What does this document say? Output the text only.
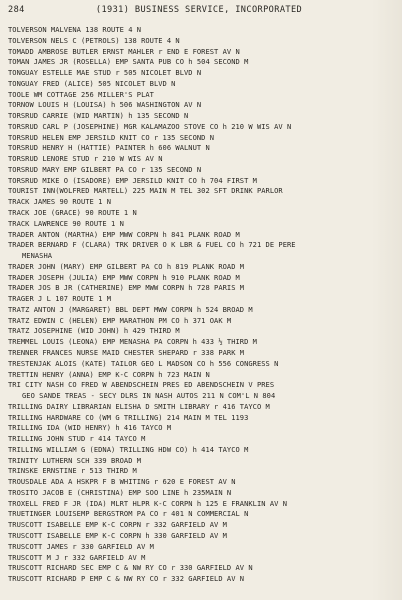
284	(1931) BUSINESS SERVICE, INCORPORATED
TOLVERSON MALVENA 138 ROUTE 4 N
TOLVERSON NELS C (PETROLS) 138 ROUTE 4 N
TOMADD AMBROSE BUTLER ERNST MAHLER r END E FOREST AV N
TOMAN JAMES JR (ROSELLA) EMP SANTA PUB CO h 504 SECOND M
TONGUAY ESTELLE MAE STUD r 505 NICOLET BLVD N
TONGUAY FRED (ALICE) 505 NICOLET BLVD N
TOOLE WM COTTAGE 256 MILLER'S PLAT
TORNOW LOUIS H (LOUISA) h 506 WASHINGTON AV N
TORSRUD CARRIE (WID MARTIN) h 135 SECOND N
TORSRUD CARL P (JOSEPHINE) MGR KALAMAZOO STOVE CO h 210 W WIS AV N
TORSRUD HELEN EMP JERSILD KNIT CO r 135 SECOND N
TORSRUD HENRY H (HATTIE) PAINTER h 606 WALNUT N
TORSRUD LENORE STUD r 210 W WIS AV N
TORSRUD MARY EMP GILBERT PA CO r 135 SECOND N
TORSRUD MIKE O (ISADORE) EMP JERSILD KNIT CO h 704 FIRST M
TOURIST INN(WOLFRED MARTELL) 225 MAIN M TEL 302 SFT DRINK PARLOR
TRACK JAMES 90 ROUTE 1 N
TRACK JOE (GRACE) 90 ROUTE 1 N
TRACK LAWRENCE 90 ROUTE 1 N
TRADER ANTON (MARTHA) EMP MWW CORPN h 841 PLANK ROAD M
TRADER BERNARD F (CLARA) TRK DRIVER O K LBR & FUEL CO h 721 DE PERE
MENASHA
TRADER JOHN (MARY) EMP GILBERT PA CO h 819 PLANK ROAD M
TRADER JOSEPH (JULIA) EMP MWW CORPN h 910 PLANK ROAD M
TRADER JOS B JR (CATHERINE) EMP MWW CORPN h 728 PARIS M
TRAGER J L 107 ROUTE 1 M
TRATZ ANTON J (MARGARET) BBL DEPT MWW CORPN h 524 BROAD M
TRATZ EDWIN C (HELEN) EMP MARATHON PM CO h 371 OAK M
TRATZ JOSEPHINE (WID JOHN) h 429 THIRD M
TREMMEL LOUIS (LEONA) EMP MENASHA PA CORPN h 433 ½ THIRD M
TRENNER FRANCES NURSE MAID CHESTER SHEPARD r 338 PARK M
TRESTENJAK ALOIS (KATE) TAILOR GEO L MADSON CO h 556 CONGRESS N
TRETTIN HENRY (ANNA) EMP K-C CORPN h 723 MAIN N
TRI CITY NASH CO FRED W ABENDSCHEIN PRES ED ABENDSCHEIN V PRES
GEO SANDE TREAS - SECY DLRS IN NASH AUTOS 211 N COM'L N 804
TRILLING DAIRY LIBRARIAN ELISHA D SMITH LIBRARY r 416 TAYCO M
TRILLING HARDWARE CO (WM G TRILLING) 214 MAIN M TEL 1193
TRILLING IDA (WID HENRY) h 416 TAYCO M
TRILLING JOHN STUD r 414 TAYCO M
TRILLING WILLIAM G (EDNA) TRILLING HDW CO) h 414 TAYCO M
TRINITY LUTHERN SCH 339 BROAD M
TRINSKE ERNSTINE r 513 THIRD M
TROUSDALE ADA A HSKPR F B WHITING r 620 E FOREST AV N
TROSITO JACOB E (CHRISTINA) EMP SOO LINE h 235MAIN N
TROXELL FRED F JR (IDA) MLRT HLPR K-C CORPN h 125 E FRANKLIN AV N
TRUETINGER LOUISEMP BERGSTROM PA CO r 401 N COMMERCIAL N
TRUSCOTT ISABELLE EMP K-C CORPN r 332 GARFIELD AV M
TRUSCOTT ISABELLE EMP K-C CORPN h 330 GARFIELD AV M
TRUSCOTT JAMES r 330 GARFIELD AV M
TRUSCOTT M J r 332 GARFIELD AV M
TRUSCOTT RICHARD SEC EMP C & NW RY CO r 330 GARFIELD AV N
TRUSCOTT RICHARD P EMP C & NW RY CO r 332 GARFIELD AV N
